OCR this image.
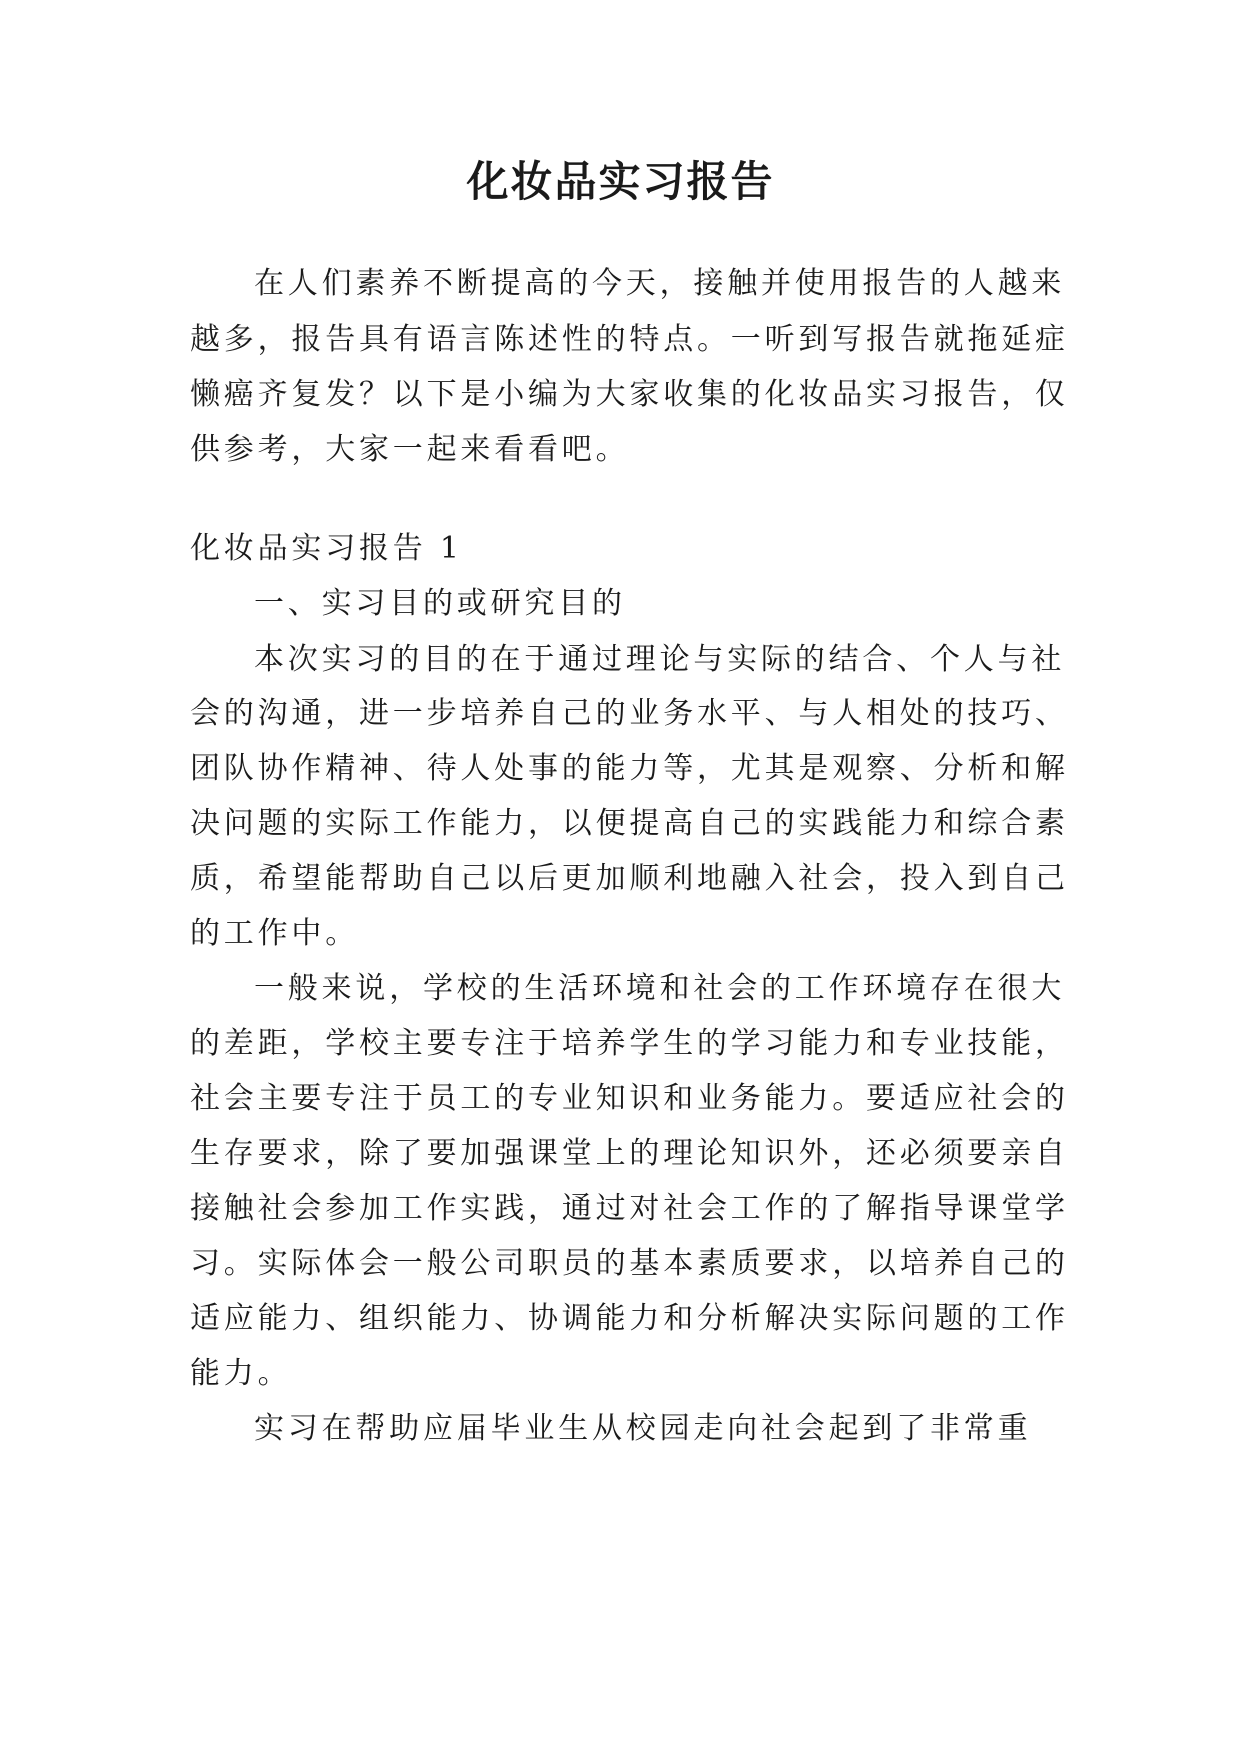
化妆品实习报告
在人们素养不断提高的今天，接触并使用报告的人越来
越多，报告具有语言陈述性的特点。一听到写报告就拖延症
懒癌齐复发？以下是小编为大家收集的化妆品实习报告，仅
供参考，大家一起来看看吧。
化妆品实习报告 1
一、实习目的或研究目的
本次实习的目的在于通过理论与实际的结合、个人与社
会的沟通，进一步培养自己的业务水平、与人相处的技巧、
团队协作精神、待人处事的能力等，尤其是观察、分析和解
决问题的实际工作能力，以便提高自己的实践能力和综合素
质，希望能帮助自己以后更加顺利地融入社会，投入到自己
的工作中。
一般来说，学校的生活环境和社会的工作环境存在很大
的差距，学校主要专注于培养学生的学习能力和专业技能，
社会主要专注于员工的专业知识和业务能力。要适应社会的
生存要求，除了要加强课堂上的理论知识外，还必须要亲自
接触社会参加工作实践，通过对社会工作的了解指导课堂学
习。实际体会一般公司职员的基本素质要求，以培养自己的
适应能力、组织能力、协调能力和分析解决实际问题的工作
能力。
实习在帮助应届毕业生从校园走向社会起到了非常重
